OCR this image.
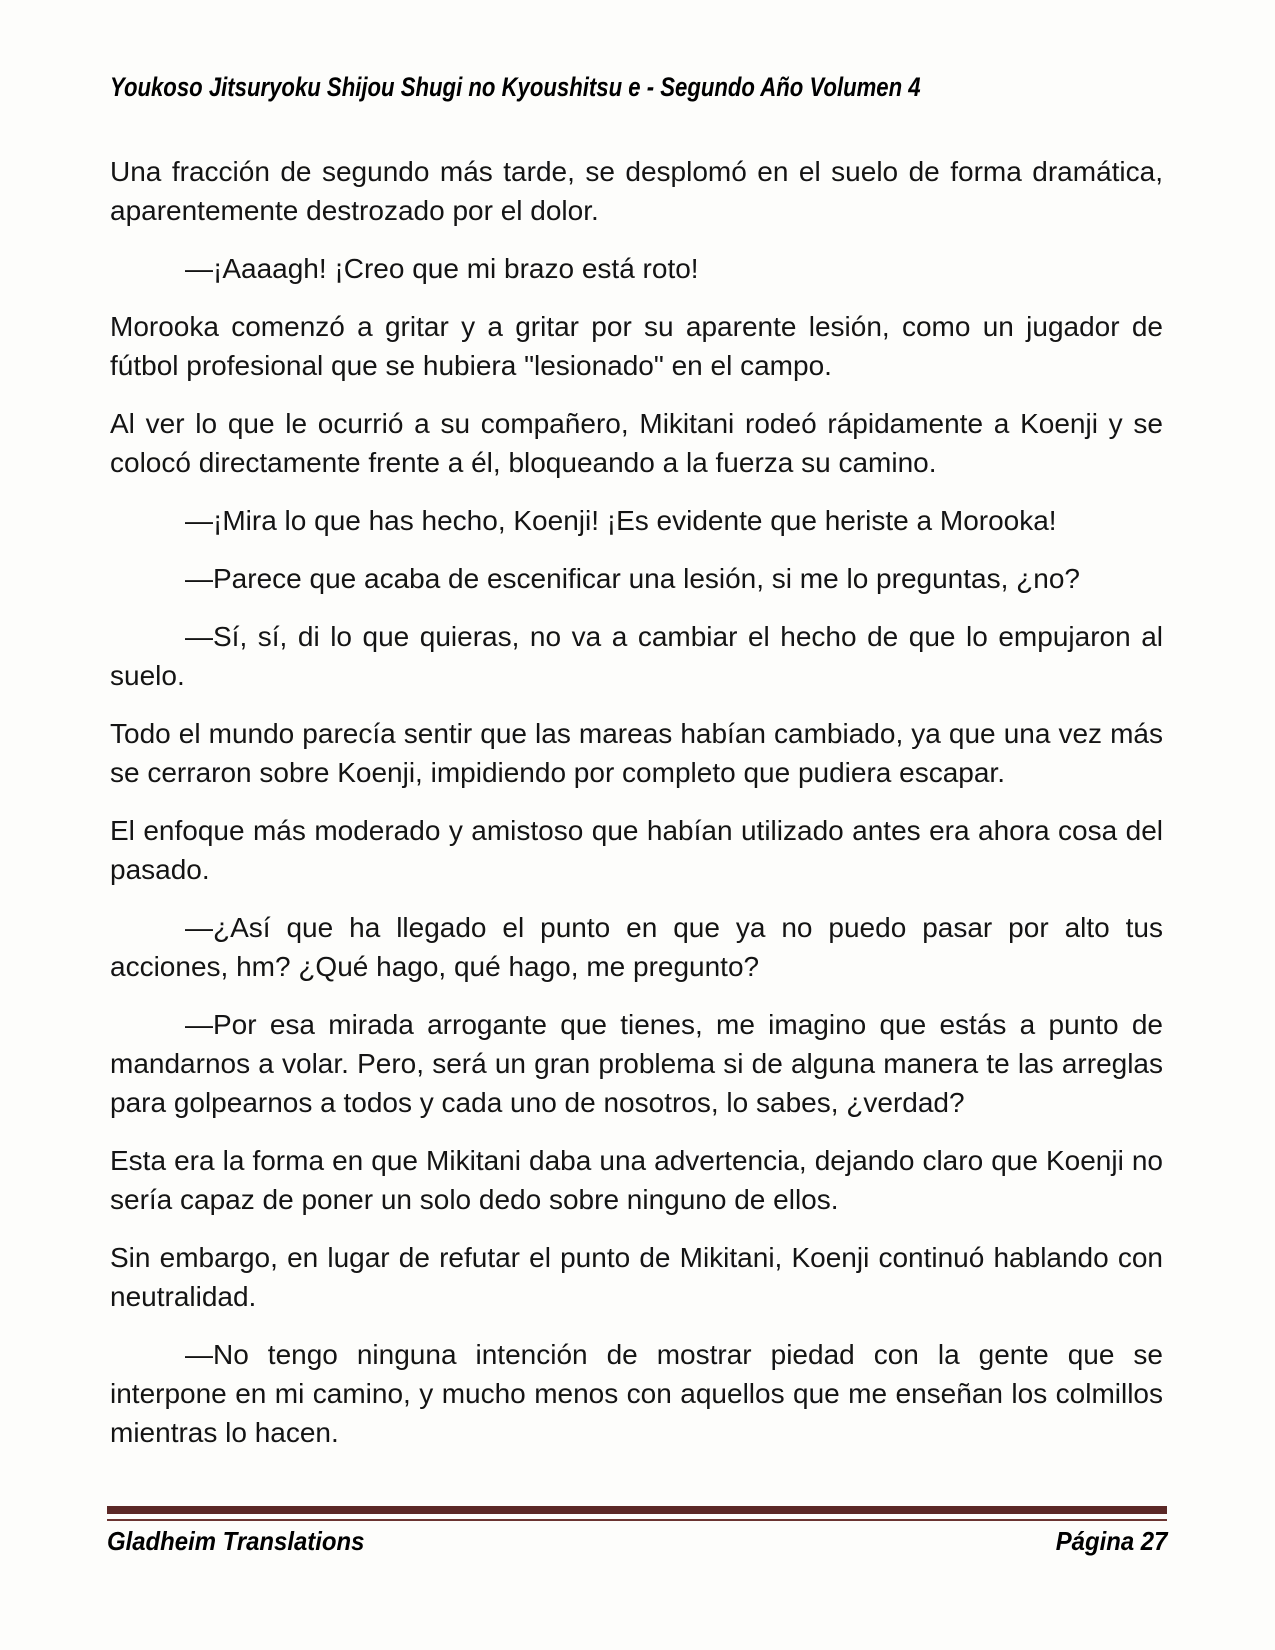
Youkoso Jitsuryoku Shijou Shugi no Kyoushitsu e - Segundo Año Volumen 4

Una fracción de segundo más tarde, se desplomó en el suelo de forma dramática, aparentemente destrozado por el dolor.

—¡Aaaagh! ¡Creo que mi brazo está roto!

Morooka comenzó a gritar y a gritar por su aparente lesión, como un jugador de fútbol profesional que se hubiera "lesionado" en el campo.

Al ver lo que le ocurrió a su compañero, Mikitani rodeó rápidamente a Koenji y se colocó directamente frente a él, bloqueando a la fuerza su camino.

—¡Mira lo que has hecho, Koenji! ¡Es evidente que heriste a Morooka!

—Parece que acaba de escenificar una lesión, si me lo preguntas, ¿no?

—Sí, sí, di lo que quieras, no va a cambiar el hecho de que lo empujaron al suelo.

Todo el mundo parecía sentir que las mareas habían cambiado, ya que una vez más se cerraron sobre Koenji, impidiendo por completo que pudiera escapar.

El enfoque más moderado y amistoso que habían utilizado antes era ahora cosa del pasado.

—¿Así que ha llegado el punto en que ya no puedo pasar por alto tus acciones, hm? ¿Qué hago, qué hago, me pregunto?

—Por esa mirada arrogante que tienes, me imagino que estás a punto de mandarnos a volar. Pero, será un gran problema si de alguna manera te las arreglas para golpearnos a todos y cada uno de nosotros, lo sabes, ¿verdad?

Esta era la forma en que Mikitani daba una advertencia, dejando claro que Koenji no sería capaz de poner un solo dedo sobre ninguno de ellos.

Sin embargo, en lugar de refutar el punto de Mikitani, Koenji continuó hablando con neutralidad.

—No tengo ninguna intención de mostrar piedad con la gente que se interpone en mi camino, y mucho menos con aquellos que me enseñan los colmillos mientras lo hacen.

Gladheim Translations	Página 27
